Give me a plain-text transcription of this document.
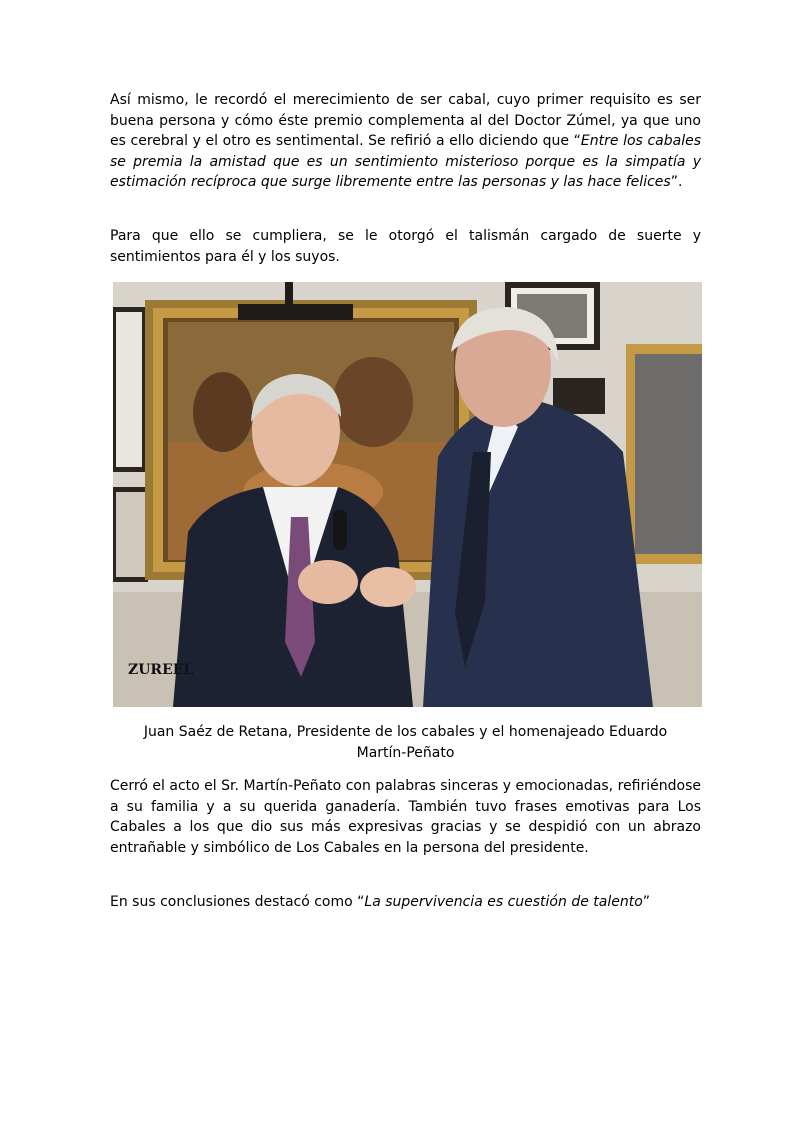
Así mismo, le recordó el merecimiento de ser cabal, cuyo primer requisito es ser buena persona y cómo éste premio complementa al del Doctor Zúmel, ya que uno es cerebral y el otro es sentimental. Se refirió a ello diciendo que “Entre los cabales se premia la amistad que es un sentimiento misterioso porque es la simpatía y estimación recíproca que surge libremente entre las personas y las hace felices”.

Para que ello se cumpliera, se le otorgó el talismán cargado de suerte y sentimientos para él y los suyos.

ZUREEL
Juan Saéz de Retana, Presidente de los cabales y el homenajeado Eduardo
Martín-Peñato

Cerró el acto el Sr. Martín-Peñato con palabras sinceras y emocionadas, refiriéndose a su familia y a su querida ganadería. También tuvo frases emotivas para Los Cabales a los que dio sus más expresivas gracias y se despidió con un abrazo entrañable y simbólico de Los Cabales en la persona del presidente.

En sus conclusiones destacó como “La supervivencia es cuestión de talento”
